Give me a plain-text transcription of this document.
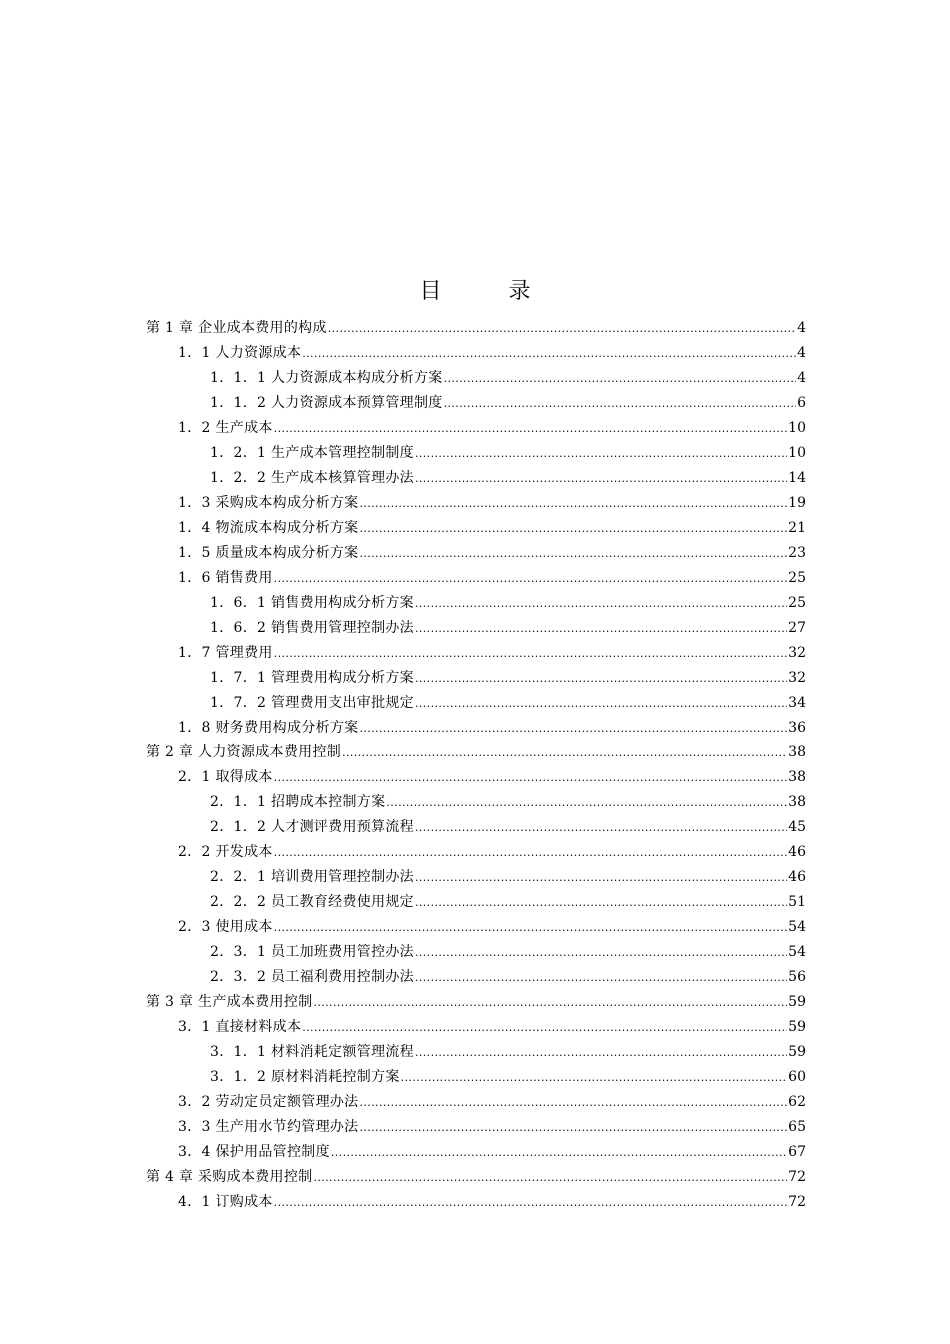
目 录
第 1 章 企业成本费用的构成 .....	4
1．1 人力资源成本 .....	4
1．1．1 人力资源成本构成分析方案 .....	4
1．1．2 人力资源成本预算管理制度 .....	6
1．2 生产成本 .....	10
1．2．1 生产成本管理控制制度 .....	10
1．2．2 生产成本核算管理办法 .....	14
1．3 采购成本构成分析方案 .....	19
1．4 物流成本构成分析方案 .....	21
1．5 质量成本构成分析方案 .....	23
1．6 销售费用 .....	25
1．6．1 销售费用构成分析方案 .....	25
1．6．2 销售费用管理控制办法 .....	27
1．7 管理费用 .....	32
1．7．1 管理费用构成分析方案 .....	32
1．7．2 管理费用支出审批规定 .....	34
1．8 财务费用构成分析方案 .....	36
第 2 章 人力资源成本费用控制 .....	38
2．1 取得成本 .....	38
2．1．1 招聘成本控制方案 .....	38
2．1．2 人才测评费用预算流程 .....	45
2．2 开发成本 .....	46
2．2．1 培训费用管理控制办法 .....	46
2．2．2 员工教育经费使用规定 .....	51
2．3 使用成本 .....	54
2．3．1 员工加班费用管控办法 .....	54
2．3．2 员工福利费用控制办法 .....	56
第 3 章 生产成本费用控制 .....	59
3．1 直接材料成本 .....	59
3．1．1 材料消耗定额管理流程 .....	59
3．1．2 原材料消耗控制方案 .....	60
3．2 劳动定员定额管理办法 .....	62
3．3 生产用水节约管理办法 .....	65
3．4 保护用品管控制度 .....	67
第 4 章 采购成本费用控制 .....	72
4．1 订购成本 .....	72
